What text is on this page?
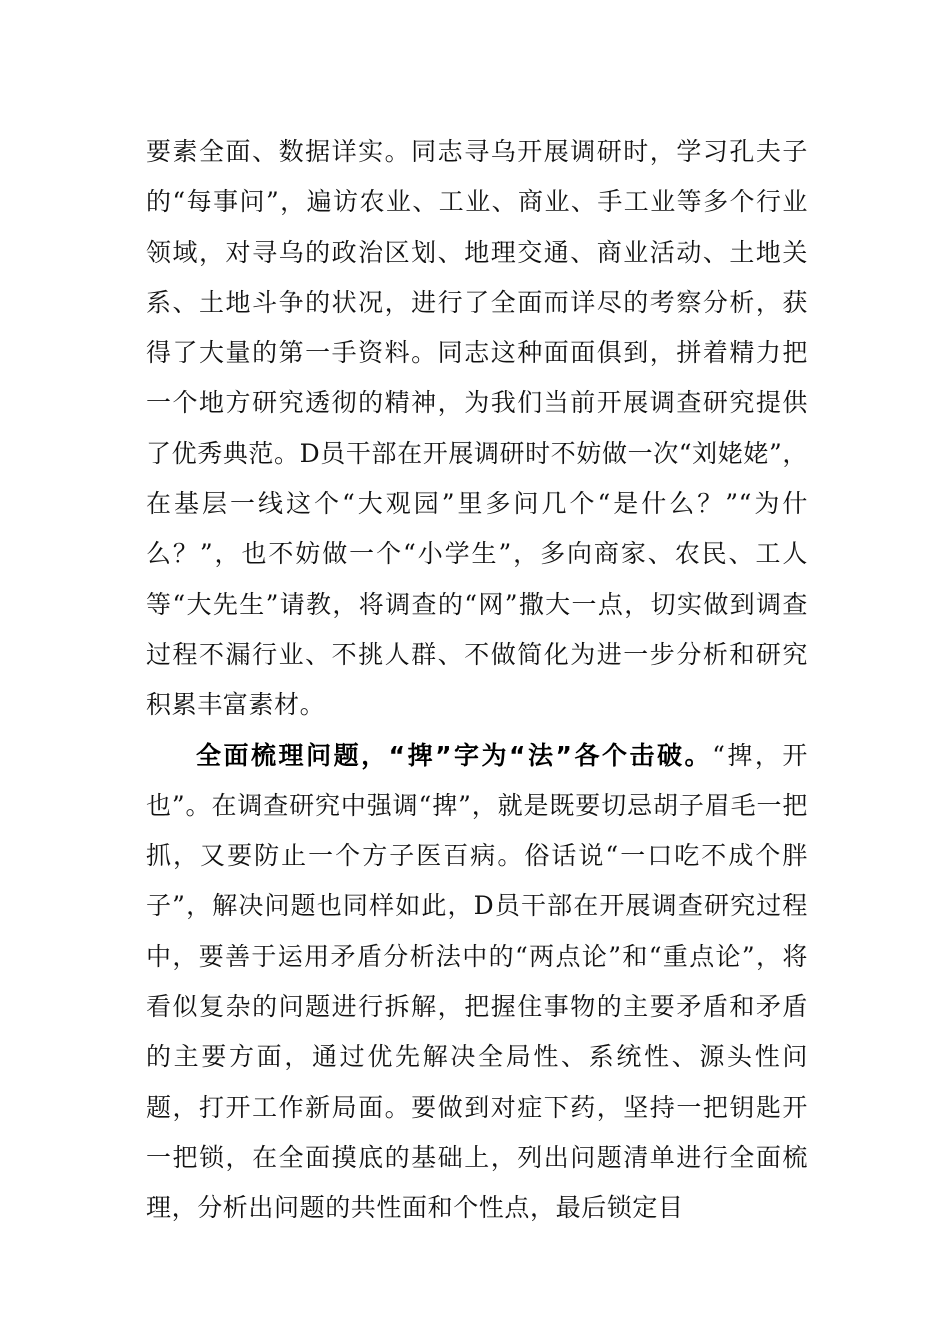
要素全面、数据详实。同志寻乌开展调研时，学习孔夫子的“每事问”，遍访农业、工业、商业、手工业等多个行业领域，对寻乌的政治区划、地理交通、商业活动、土地关系、土地斗争的状况，进行了全面而详尽的考察分析，获得了大量的第一手资料。同志这种面面俱到，拼着精力把一个地方研究透彻的精神，为我们当前开展调查研究提供了优秀典范。D员干部在开展调研时不妨做一次“刘姥姥”，在基层一线这个“大观园”里多问几个“是什么？”“为什么？”，也不妨做一个“小学生”，多向商家、农民、工人等“大先生”请教，将调查的“网”撒大一点，切实做到调查过程不漏行业、不挑人群、不做简化为进一步分析和研究积累丰富素材。

全面梳理问题，“捭”字为“法”各个击破。“捭，开也”。在调查研究中强调“捭”，就是既要切忌胡子眉毛一把抓，又要防止一个方子医百病。俗话说“一口吃不成个胖子”，解决问题也同样如此，D员干部在开展调查研究过程中，要善于运用矛盾分析法中的“两点论”和“重点论”，将看似复杂的问题进行拆解，把握住事物的主要矛盾和矛盾的主要方面，通过优先解决全局性、系统性、源头性问题，打开工作新局面。要做到对症下药，坚持一把钥匙开一把锁，在全面摸底的基础上，列出问题清单进行全面梳理，分析出问题的共性面和个性点，最后锁定目
